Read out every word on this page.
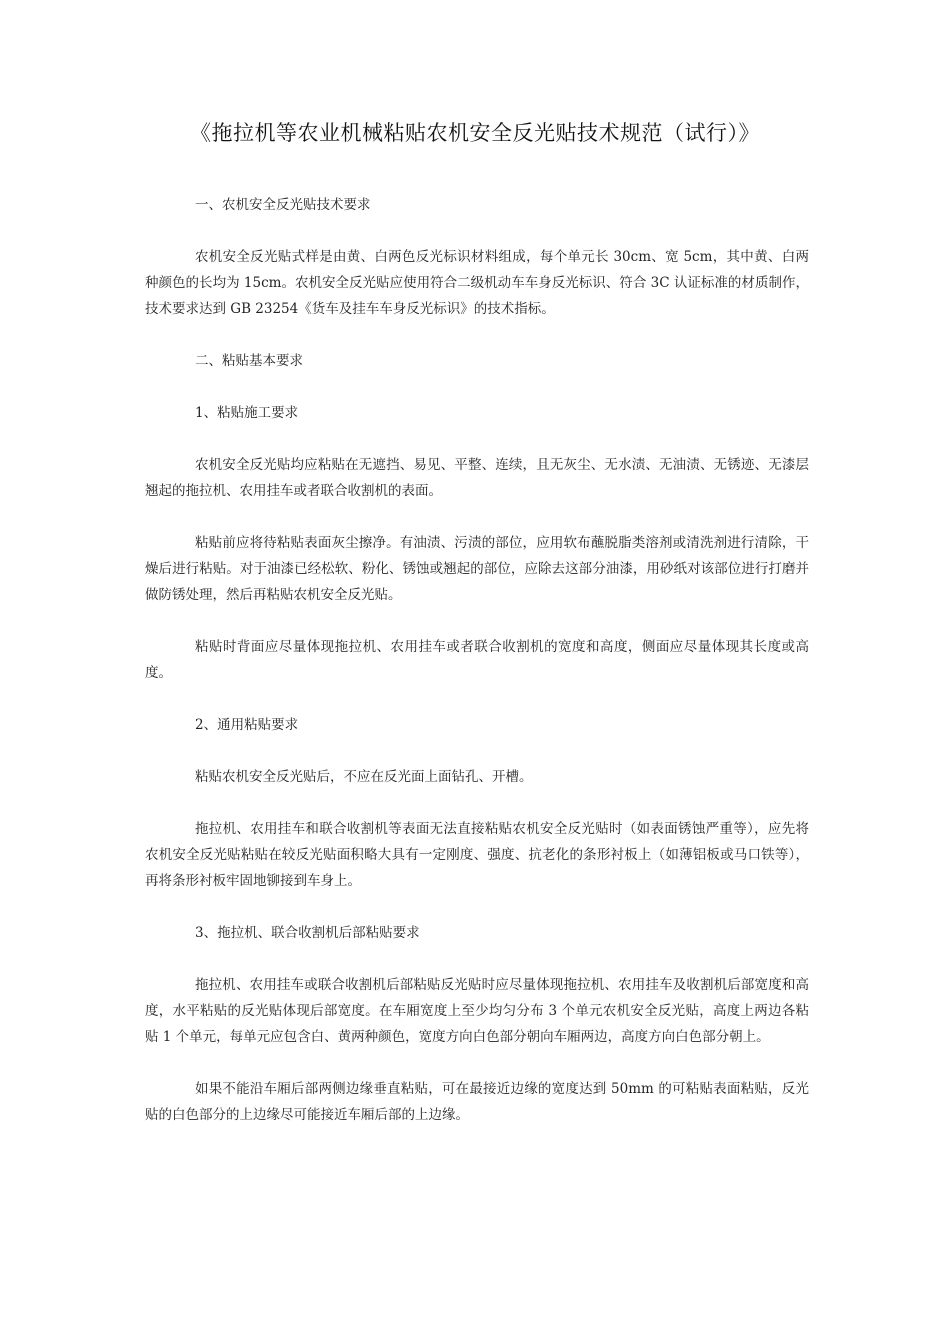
《拖拉机等农业机械粘贴农机安全反光贴技术规范（试行）》

一、农机安全反光贴技术要求

农机安全反光贴式样是由黄、白两色反光标识材料组成，每个单元长 30cm、宽 5cm，其中黄、白两种颜色的长均为 15cm。农机安全反光贴应使用符合二级机动车车身反光标识、符合 3C 认证标准的材质制作，技术要求达到 GB 23254《货车及挂车车身反光标识》的技术指标。

二、粘贴基本要求

1、粘贴施工要求

农机安全反光贴均应粘贴在无遮挡、易见、平整、连续，且无灰尘、无水渍、无油渍、无锈迹、无漆层翘起的拖拉机、农用挂车或者联合收割机的表面。

粘贴前应将待粘贴表面灰尘擦净。有油渍、污渍的部位，应用软布蘸脱脂类溶剂或清洗剂进行清除，干燥后进行粘贴。对于油漆已经松软、粉化、锈蚀或翘起的部位，应除去这部分油漆，用砂纸对该部位进行打磨并做防锈处理，然后再粘贴农机安全反光贴。

粘贴时背面应尽量体现拖拉机、农用挂车或者联合收割机的宽度和高度，侧面应尽量体现其长度或高度。

2、通用粘贴要求

粘贴农机安全反光贴后，不应在反光面上面钻孔、开槽。

拖拉机、农用挂车和联合收割机等表面无法直接粘贴农机安全反光贴时（如表面锈蚀严重等），应先将农机安全反光贴粘贴在较反光贴面积略大具有一定刚度、强度、抗老化的条形衬板上（如薄铝板或马口铁等），再将条形衬板牢固地铆接到车身上。

3、拖拉机、联合收割机后部粘贴要求

拖拉机、农用挂车或联合收割机后部粘贴反光贴时应尽量体现拖拉机、农用挂车及收割机后部宽度和高度，水平粘贴的反光贴体现后部宽度。在车厢宽度上至少均匀分布 3 个单元农机安全反光贴，高度上两边各粘贴 1 个单元，每单元应包含白、黄两种颜色，宽度方向白色部分朝向车厢两边，高度方向白色部分朝上。

如果不能沿车厢后部两侧边缘垂直粘贴，可在最接近边缘的宽度达到 50mm 的可粘贴表面粘贴，反光贴的白色部分的上边缘尽可能接近车厢后部的上边缘。
